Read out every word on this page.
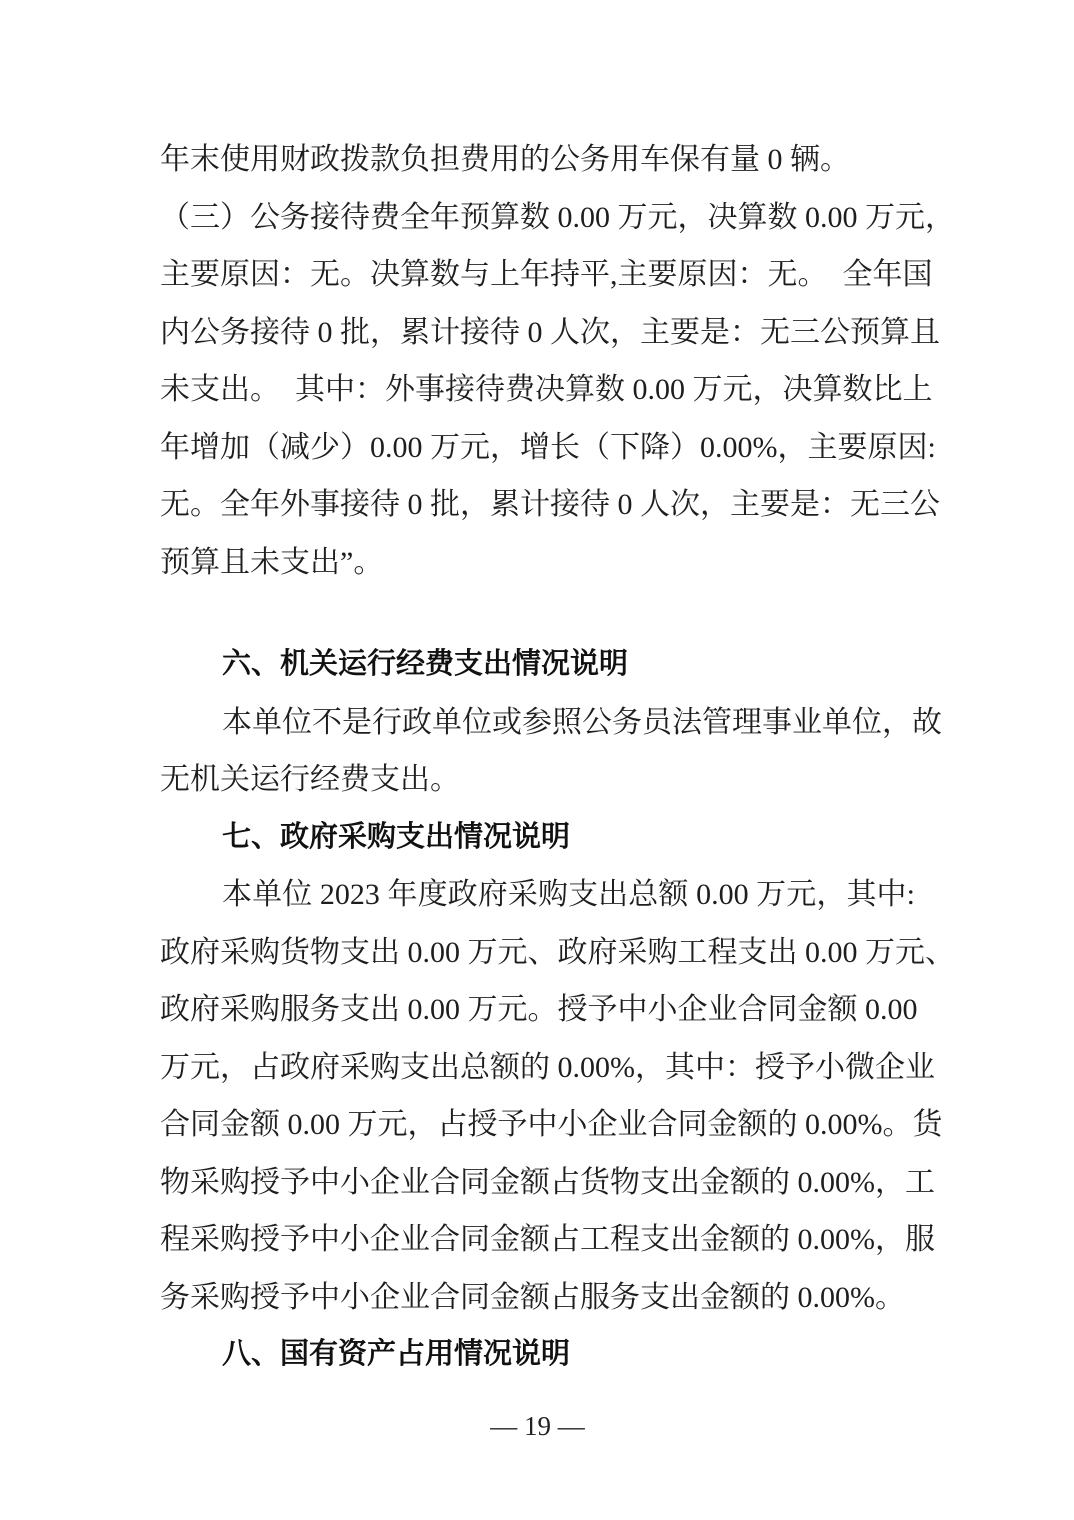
年末使用财政拨款负担费用的公务用车保有量 0 辆。
（三）公务接待费全年预算数 0.00 万元，决算数 0.00 万元，
主要原因：无。决算数与上年持平,主要原因：无。　全年国
内公务接待 0 批，累计接待 0 人次，主要是：无三公预算且
未支出。　其中：外事接待费决算数 0.00 万元，决算数比上
年增加（减少）0.00 万元，增长（下降）0.00%，主要原因:
无。全年外事接待 0 批，累计接待 0 人次，主要是：无三公
预算且未支出”。
六、机关运行经费支出情况说明
本单位不是行政单位或参照公务员法管理事业单位，故
无机关运行经费支出。
七、政府采购支出情况说明
本单位 2023 年度政府采购支出总额 0.00 万元，其中:
政府采购货物支出 0.00 万元、政府采购工程支出 0.00 万元、
政府采购服务支出 0.00 万元。授予中小企业合同金额 0.00
万元，占政府采购支出总额的 0.00%，其中：授予小微企业
合同金额 0.00 万元，占授予中小企业合同金额的 0.00%。货
物采购授予中小企业合同金额占货物支出金额的 0.00%，工
程采购授予中小企业合同金额占工程支出金额的 0.00%，服
务采购授予中小企业合同金额占服务支出金额的 0.00%。
八、国有资产占用情况说明
— 19 —
